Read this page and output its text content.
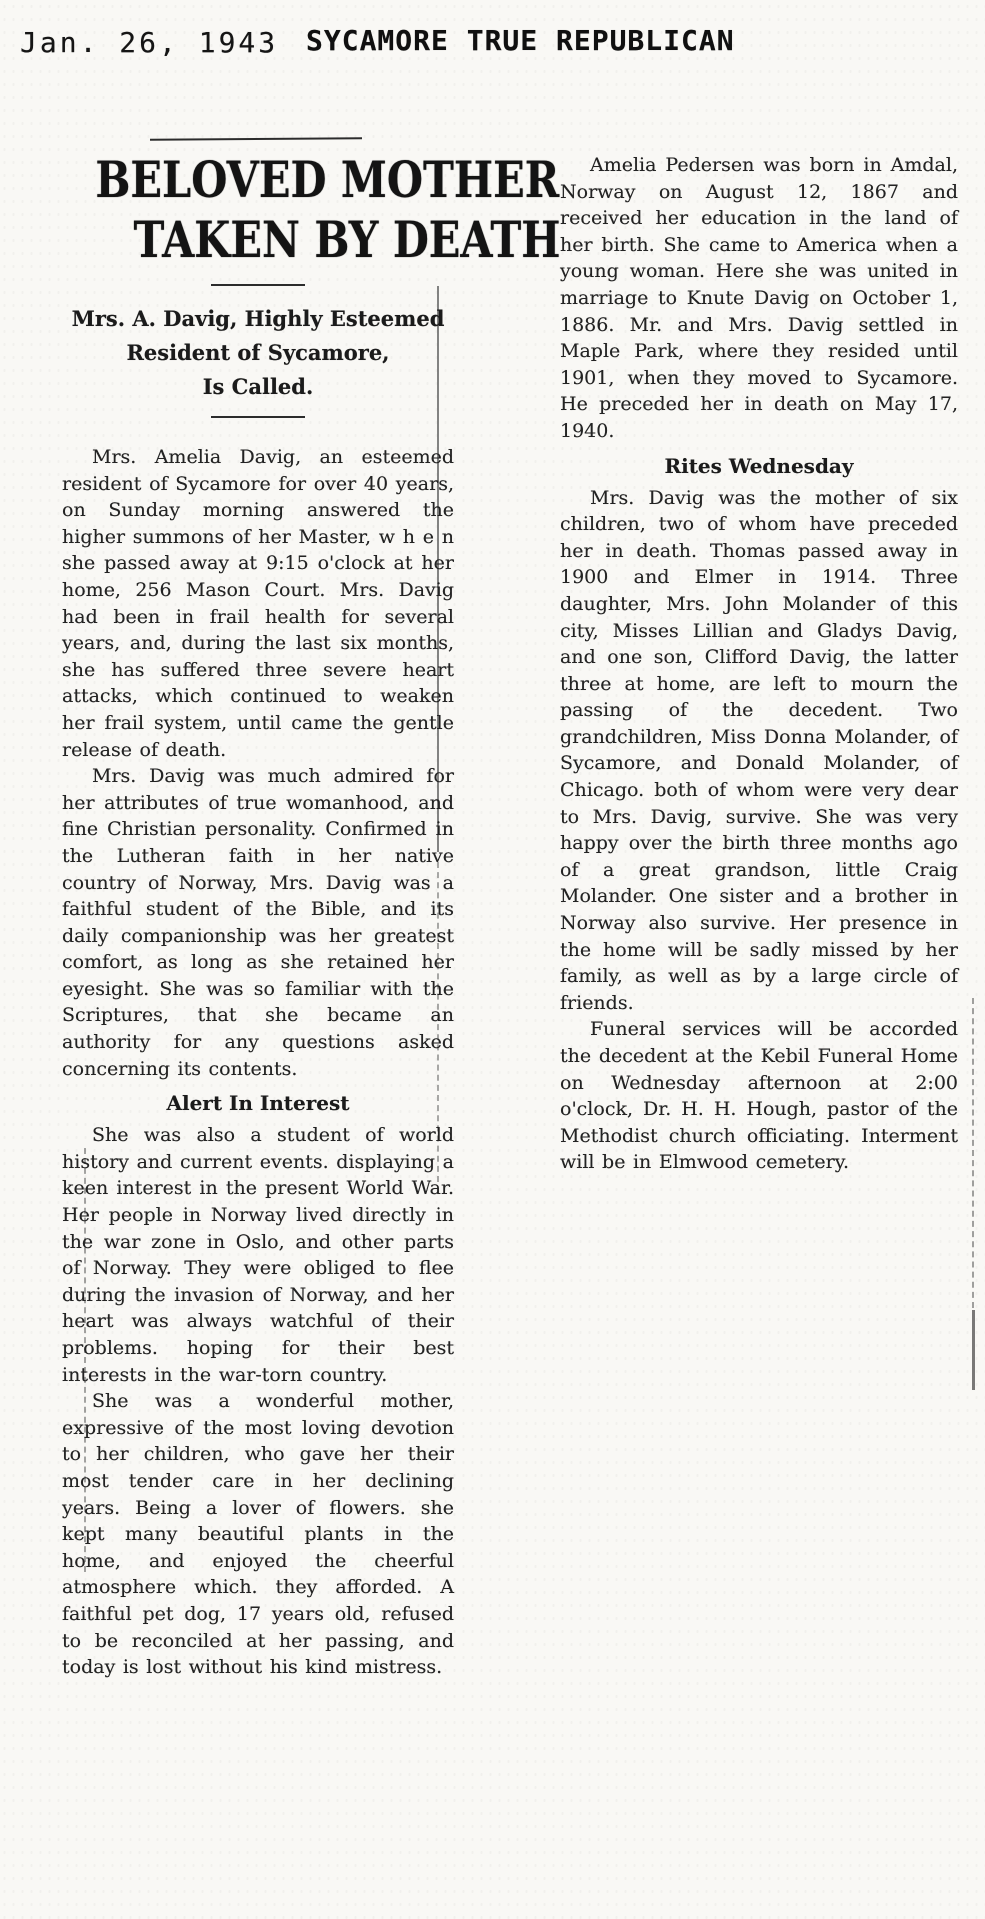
Jan. 26, 1943 SYCAMORE TRUE REPUBLICAN
BELOVED MOTHER
TAKEN BY DEATH
Mrs. A. Davig, Highly Esteemed
Resident of Sycamore,
Is Called.

Mrs. Amelia Davig, an esteemed resident of Sycamore for over 40 years, on Sunday morning answered the higher summons of her Master, w h e n she passed away at 9:15 o'clock at her home, 256 Mason Court. Mrs. Davig had been in frail health for several years, and, during the last six months, she has suffered three severe heart attacks, which continued to weaken her frail system, until came the gentle release of death.

Mrs. Davig was much admired for her attributes of true womanhood, and fine Christian personality. Confirmed in the Lutheran faith in her native country of Norway, Mrs. Davig was a faithful student of the Bible, and its daily companionship was her greatest comfort, as long as she retained her eyesight. She was so familiar with the Scriptures, that she became an authority for any questions asked concerning its contents.

Alert In Interest

She was also a student of world history and current events. displaying a keen interest in the present World War. Her people in Norway lived directly in the war zone in Oslo, and other parts of Norway. They were obliged to flee during the invasion of Norway, and her heart was always watchful of their problems. hoping for their best interests in the war-torn country.

She was a wonderful mother, expressive of the most loving devotion to her children, who gave her their most tender care in her declining years. Being a lover of flowers. she kept many beautiful plants in the home, and enjoyed the cheerful atmosphere which. they afforded. A faithful pet dog, 17 years old, refused to be reconciled at her passing, and today is lost without his kind mistress.

Amelia Pedersen was born in Amdal, Norway on August 12, 1867 and received her education in the land of her birth. She came to America when a young woman. Here she was united in marriage to Knute Davig on October 1, 1886. Mr. and Mrs. Davig settled in Maple Park, where they resided until 1901, when they moved to Sycamore. He preceded her in death on May 17, 1940.

Rites Wednesday

Mrs. Davig was the mother of six children, two of whom have preceded her in death. Thomas passed away in 1900 and Elmer in 1914. Three daughter, Mrs. John Molander of this city, Misses Lillian and Gladys Davig, and one son, Clifford Davig, the latter three at home, are left to mourn the passing of the decedent. Two grandchildren, Miss Donna Molander, of Sycamore, and Donald Molander, of Chicago. both of whom were very dear to Mrs. Davig, survive. She was very happy over the birth three months ago of a great grandson, little Craig Molander. One sister and a brother in Norway also survive. Her presence in the home will be sadly missed by her family, as well as by a large circle of friends.

Funeral services will be accorded the decedent at the Kebil Funeral Home on Wednesday afternoon at 2:00 o'clock, Dr. H. H. Hough, pastor of the Methodist church officiating. Interment will be in Elmwood cemetery.
